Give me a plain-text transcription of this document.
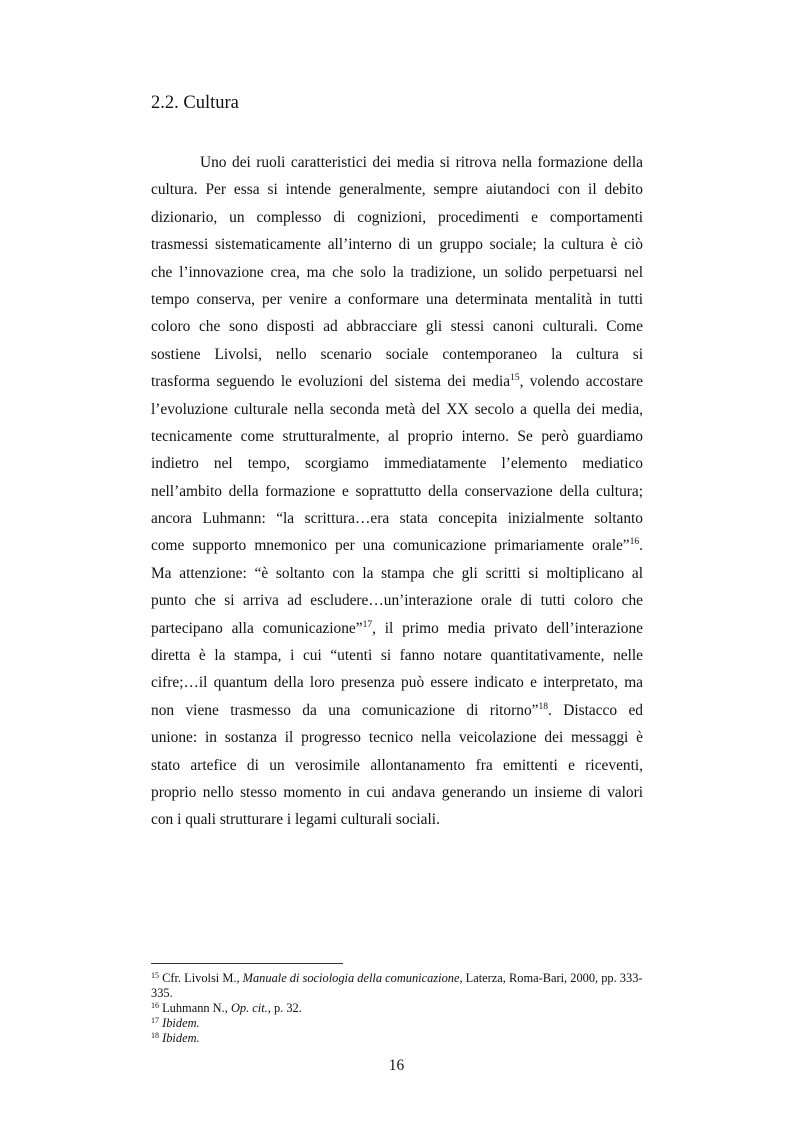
2.2. Cultura
Uno dei ruoli caratteristici dei media si ritrova nella formazione della
cultura. Per essa si intende generalmente, sempre aiutandoci con il debito
dizionario, un complesso di cognizioni, procedimenti e comportamenti
trasmessi sistematicamente all’interno di un gruppo sociale; la cultura è ciò
che l’innovazione crea, ma che solo la tradizione, un solido perpetuarsi nel
tempo conserva, per venire a conformare una determinata mentalità in tutti
coloro che sono disposti ad abbracciare gli stessi canoni culturali. Come
sostiene Livolsi, nello scenario sociale contemporaneo la cultura si
trasforma seguendo le evoluzioni del sistema dei media$^{15}$, volendo accostare
l’evoluzione culturale nella seconda metà del XX secolo a quella dei media,
tecnicamente come strutturalmente, al proprio interno. Se però guardiamo
indietro nel tempo, scorgiamo immediatamente l’elemento mediatico
nell’ambito della formazione e soprattutto della conservazione della cultura;
ancora Luhmann: “la scrittura…era stata concepita inizialmente soltanto
come supporto mnemonico per una comunicazione primariamente orale”$^{16}$.
Ma attenzione: “è soltanto con la stampa che gli scritti si moltiplicano al
punto che si arriva ad escludere…un’interazione orale di tutti coloro che
partecipano alla comunicazione”$^{17}$, il primo media privato dell’interazione
diretta è la stampa, i cui “utenti si fanno notare quantitativamente, nelle
cifre;…il quantum della loro presenza può essere indicato e interpretato, ma
non viene trasmesso da una comunicazione di ritorno”$^{18}$. Distacco ed
unione: in sostanza il progresso tecnico nella veicolazione dei messaggi è
stato artefice di un verosimile allontanamento fra emittenti e riceventi,
proprio nello stesso momento in cui andava generando un insieme di valori
con i quali strutturare i legami culturali sociali.
$^{15}$ Cfr. Livolsi M., Manuale di sociologia della comunicazione, Laterza, Roma-Bari, 2000, pp. 333-335.
$^{16}$ Luhmann N., Op. cit., p. 32.
$^{17}$ Ibidem.
$^{18}$ Ibidem.
16
